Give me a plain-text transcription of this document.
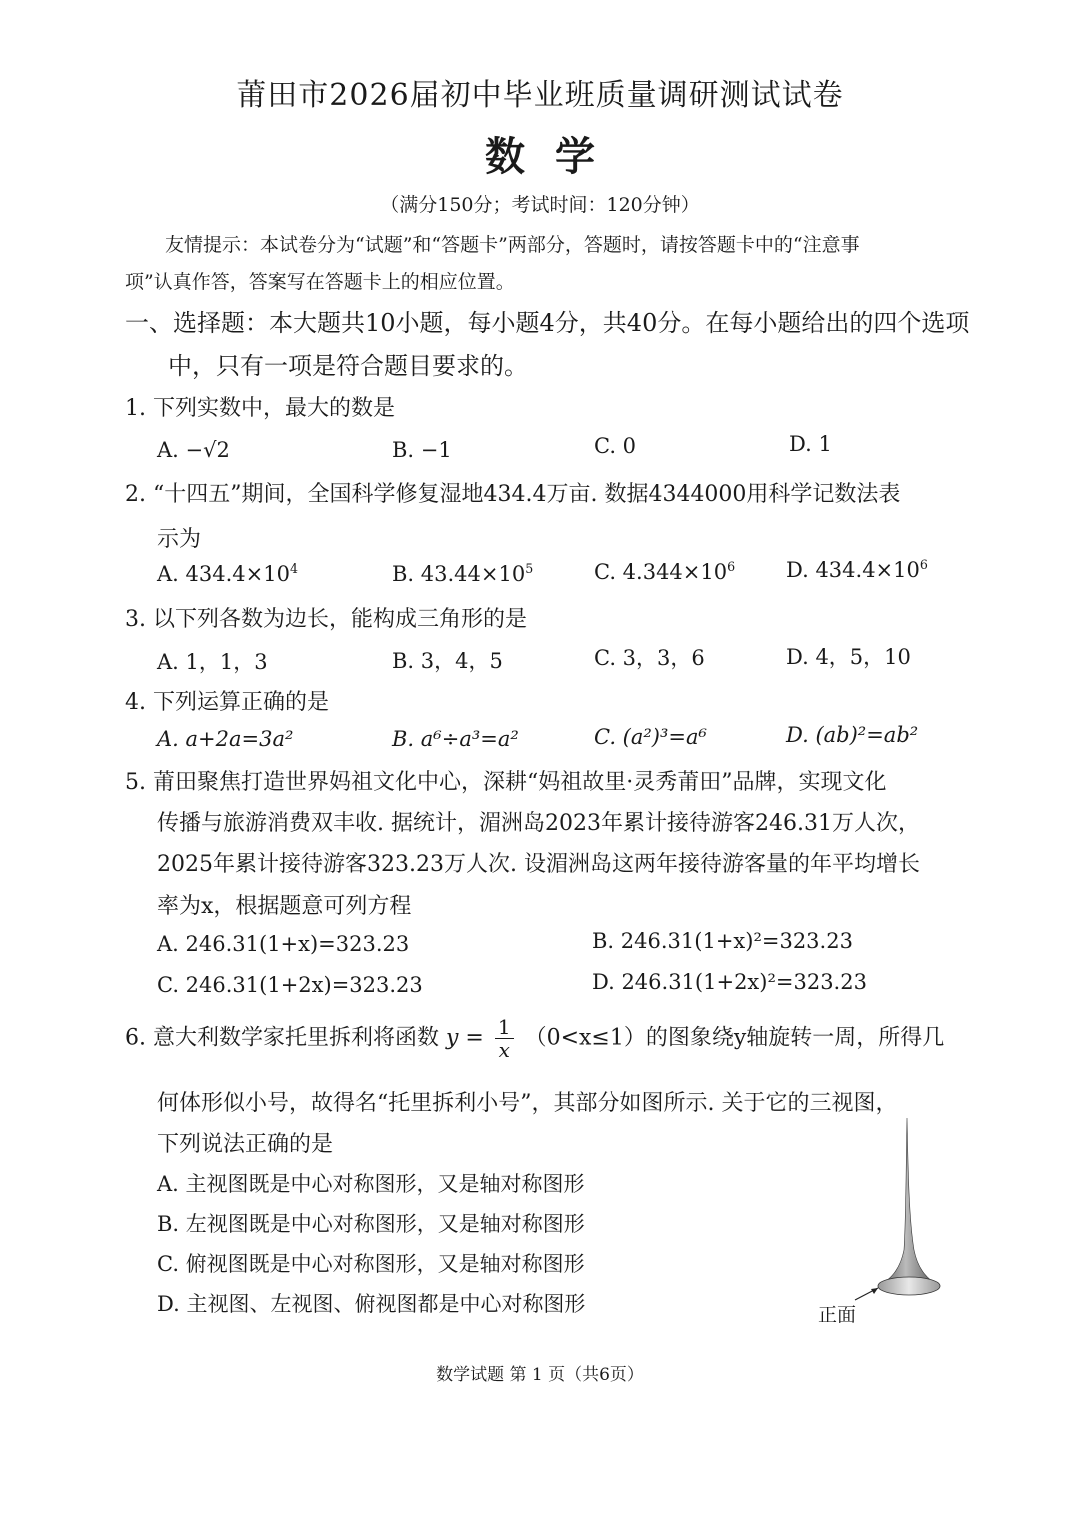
莆田市2026届初中毕业班质量调研测试试卷
数学
（满分150分；考试时间：120分钟）
友情提示：本试卷分为“试题”和“答题卡”两部分，答题时，请按答题卡中的“注意事
项”认真作答，答案写在答题卡上的相应位置。
一、选择题：本大题共10小题，每小题4分，共40分。在每小题给出的四个选项
中，只有一项是符合题目要求的。
1. 下列实数中，最大的数是
A. −√2	B. −1	C. 0	D. 1
2. “十四五”期间，全国科学修复湿地434.4万亩. 数据4344000用科学记数法表
示为
A. $434.4\times 10^4$	B. $43.44\times 10^5$	C. $4.344\times 10^6$ D. $434.4\times 10^6$
3. 以下列各数为边长，能构成三角形的是
A. 1，1，3	B. 3，4，5	C. 3，3，6	D. 4，5，10
4. 下列运算正确的是
A. a+2a=3a²	B. a⁶÷a³=a²	C. (a²)³=a⁶	D. (ab)²=ab²
5. 莆田聚焦打造世界妈祖文化中心，深耕“妈祖故里·灵秀莆田”品牌，实现文化
传播与旅游消费双丰收. 据统计，湄洲岛2023年累计接待游客246.31万人次，
2025年累计接待游客323.23万人次. 设湄洲岛这两年接待游客量的年平均增长
率为x，根据题意可列方程
A. 246.31(1+x)=323.23	B. 246.31(1+x)²=323.23
C. 246.31(1+2x)=323.23	D. 246.31(1+2x)²=323.23
6. 意大利数学家托里拆利将函数 $y = \frac{1}{x} (0<x\le 1)$的图象绕y轴旋转一周，所得几
何体形似小号，故得名“托里拆利小号”，其部分如图所示. 关于它的三视图，
下列说法正确的是
A. 主视图既是中心对称图形，又是轴对称图形
B. 左视图既是中心对称图形，又是轴对称图形
C. 俯视图既是中心对称图形，又是轴对称图形
D. 主视图、左视图、俯视图都是中心对称图形	正面
数学试题 第 1 页（共6页）
